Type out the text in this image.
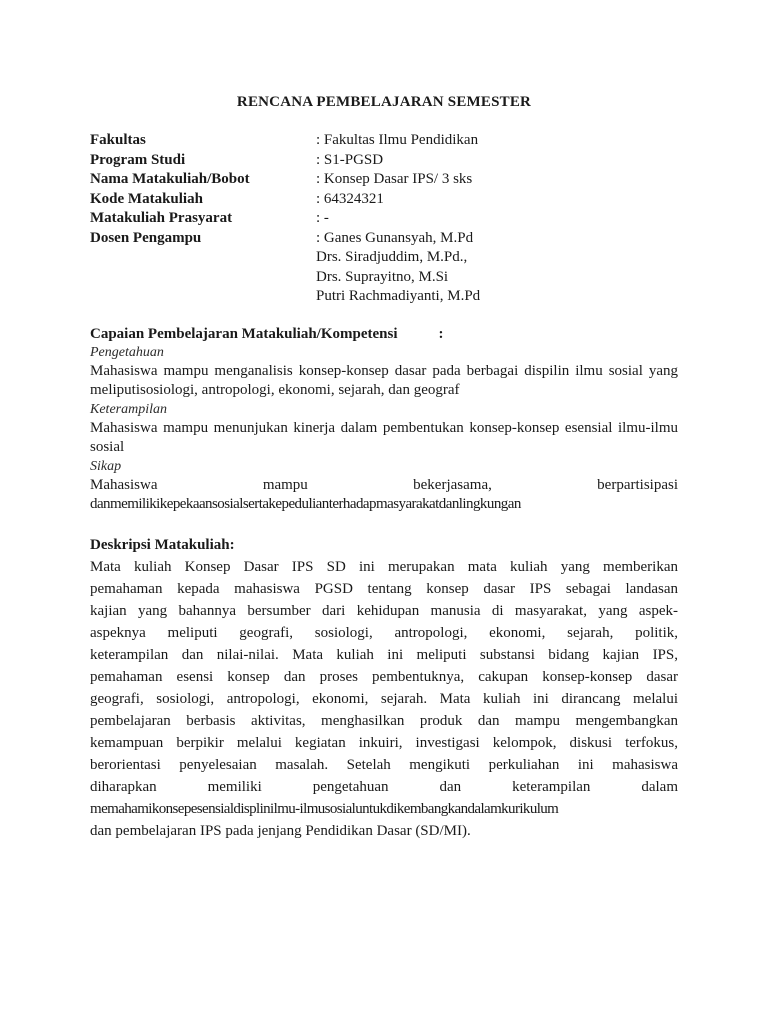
RENCANA PEMBELAJARAN SEMESTER
Fakultas	: Fakultas Ilmu Pendidikan
Program Studi	: S1-PGSD
Nama Matakuliah/Bobot	: Konsep Dasar IPS/ 3 sks
Kode Matakuliah	: 64324321
Matakuliah Prasyarat	: -
Dosen Pengampu	: Ganes Gunansyah, M.Pd
Drs. Siradjuddim, M.Pd.,
Drs. Suprayitno, M.Si
Putri Rachmadiyanti, M.Pd
Capaian Pembelajaran Matakuliah/Kompetensi	:
Pengetahuan
Mahasiswa mampu menganalisis konsep-konsep dasar pada berbagai dispilin ilmu sosial yang meliputisosiologi, antropologi, ekonomi, sejarah, dan geograf
Keterampilan
Mahasiswa mampu menunjukan kinerja dalam pembentukan konsep-konsep esensial ilmu-ilmu sosial
Sikap
Mahasiswa mampu bekerjasama, berpartisipasi
danmemilikikepekaansosialsertakepedulianterhadapmasyarakatdanlingkungan
Deskripsi Matakuliah:
Mata kuliah Konsep Dasar IPS SD ini merupakan mata kuliah yang memberikan
pemahaman kepada mahasiswa PGSD tentang konsep dasar IPS sebagai landasan
kajian yang bahannya bersumber dari kehidupan manusia di masyarakat, yang aspek-
aspeknya meliputi geografi, sosiologi, antropologi, ekonomi, sejarah, politik,
keterampilan dan nilai-nilai. Mata kuliah ini meliputi substansi bidang kajian IPS,
pemahaman esensi konsep dan proses pembentuknya, cakupan konsep-konsep dasar
geografi, sosiologi, antropologi, ekonomi, sejarah. Mata kuliah ini dirancang melalui
pembelajaran berbasis aktivitas, menghasilkan produk dan mampu mengembangkan
kemampuan berpikir melalui kegiatan inkuiri, investigasi kelompok, diskusi terfokus,
berorientasi penyelesaian masalah. Setelah mengikuti perkuliahan ini mahasiswa
diharapkan memiliki pengetahuan dan keterampilan dalam
memahamikonsepesensialdisplinilmu-ilmusosialuntukdikembangkandalamkurikulum
dan pembelajaran IPS pada jenjang Pendidikan Dasar (SD/MI).
